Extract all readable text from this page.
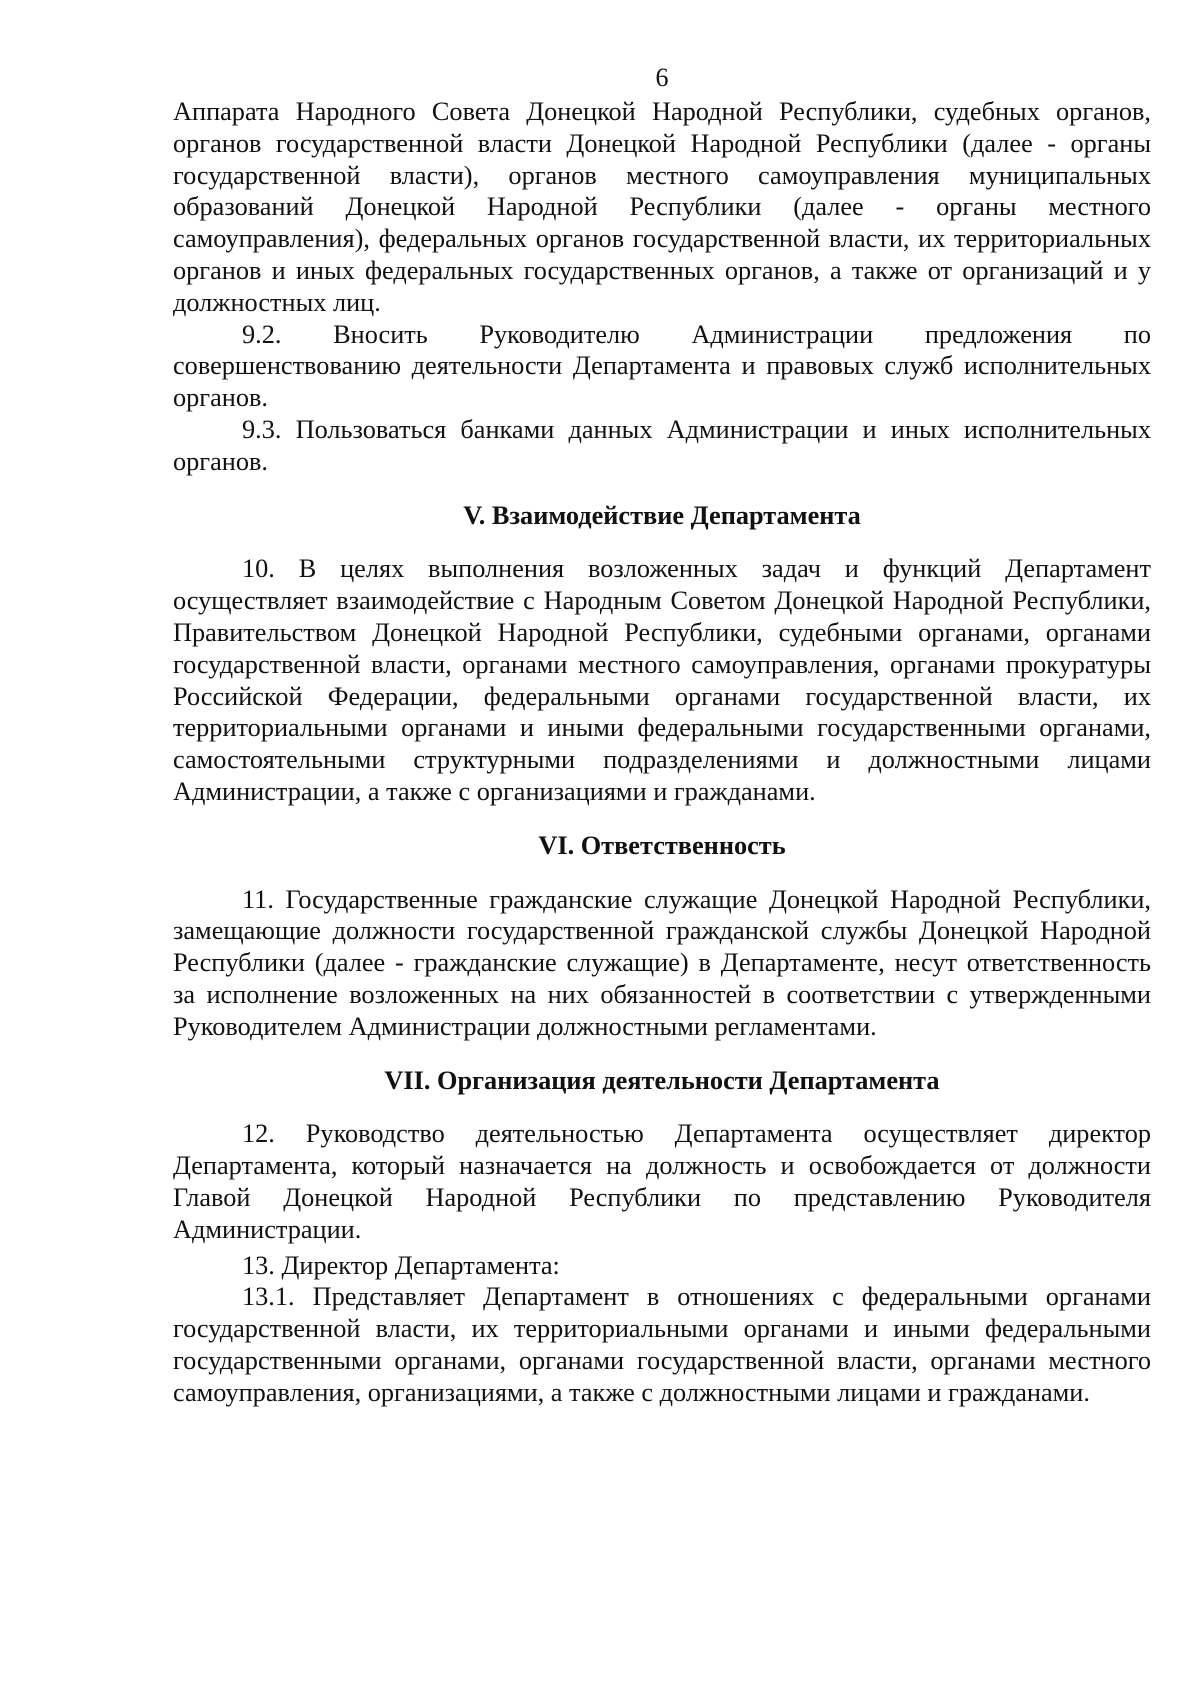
6

Аппарата Народного Совета Донецкой Народной Республики, судебных органов, органов государственной власти Донецкой Народной Республики (далее - органы государственной власти), органов местного самоуправления муниципальных образований Донецкой Народной Республики (далее - органы местного самоуправления), федеральных органов государственной власти, их территориальных органов и иных федеральных государственных органов, а также от организаций и у должностных лиц.

9.2. Вносить Руководителю Администрации предложения по совершенствованию деятельности Департамента и правовых служб исполнительных органов.

9.3. Пользоваться банками данных Администрации и иных исполнительных органов.

V. Взаимодействие Департамента

10. В целях выполнения возложенных задач и функций Департамент осуществляет взаимодействие с Народным Советом Донецкой Народной Республики, Правительством Донецкой Народной Республики, судебными органами, органами государственной власти, органами местного самоуправления, органами прокуратуры Российской Федерации, федеральными органами государственной власти, их территориальными органами и иными федеральными государственными органами, самостоятельными структурными подразделениями и должностными лицами Администрации, а также с организациями и гражданами.

VI. Ответственность

11. Государственные гражданские служащие Донецкой Народной Республики, замещающие должности государственной гражданской службы Донецкой Народной Республики (далее - гражданские служащие) в Департаменте, несут ответственность за исполнение возложенных на них обязанностей в соответствии с утвержденными Руководителем Администрации должностными регламентами.

VII. Организация деятельности Департамента

12. Руководство деятельностью Департамента осуществляет директор Департамента, который назначается на должность и освобождается от должности Главой Донецкой Народной Республики по представлению Руководителя Администрации.

13. Директор Департамента:

13.1. Представляет Департамент в отношениях с федеральными органами государственной власти, их территориальными органами и иными федеральными государственными органами, органами государственной власти, органами местного самоуправления, организациями, а также с должностными лицами и гражданами.
